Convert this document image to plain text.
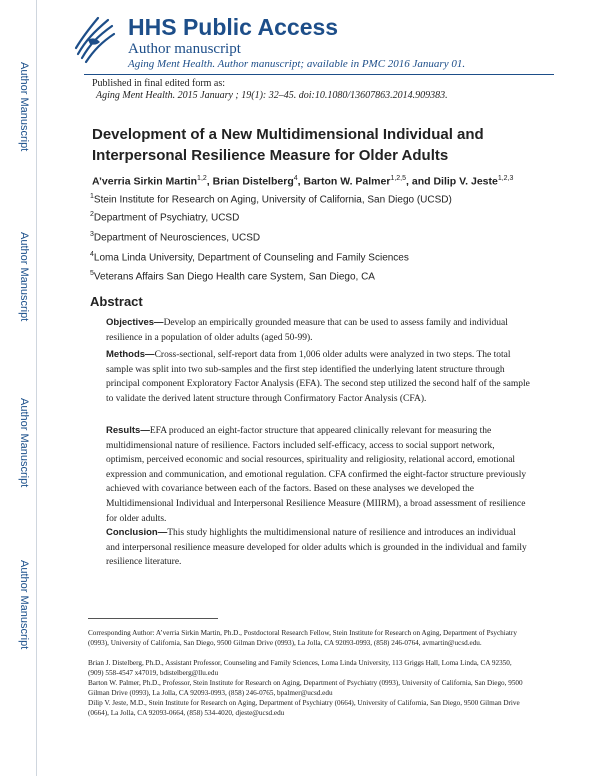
Author Manuscript
Author Manuscript
Author Manuscript
Author Manuscript
HHS Public Access
Author manuscript
Aging Ment Health. Author manuscript; available in PMC 2016 January 01.
Published in final edited form as:
Aging Ment Health. 2015 January ; 19(1): 32–45. doi:10.1080/13607863.2014.909383.
Development of a New Multidimensional Individual and Interpersonal Resilience Measure for Older Adults
A’verria Sirkin Martin$^{1,2}$, Brian Distelberg$^4$, Barton W. Palmer$^{1,2,5}$, and Dilip V. Jeste$^{1,2,3}$
$^1$Stein Institute for Research on Aging, University of California, San Diego (UCSD)
$^2$Department of Psychiatry, UCSD
$^3$Department of Neurosciences, UCSD
$^4$Loma Linda University, Department of Counseling and Family Sciences
$^5$Veterans Affairs San Diego Health care System, San Diego, CA
Abstract
Objectives—Develop an empirically grounded measure that can be used to assess family and individual resilience in a population of older adults (aged 50-99).
Methods—Cross-sectional, self-report data from 1,006 older adults were analyzed in two steps. The total sample was split into two sub-samples and the first step identified the underlying latent structure through principal component Exploratory Factor Analysis (EFA). The second step utilized the second half of the sample to validate the derived latent structure through Confirmatory Factor Analysis (CFA).
Results—EFA produced an eight-factor structure that appeared clinically relevant for measuring the multidimensional nature of resilience. Factors included self-efficacy, access to social support network, optimism, perceived economic and social resources, spirituality and religiosity, relational accord, emotional expression and communication, and emotional regulation. CFA confirmed the eight-factor structure previously achieved with covariance between each of the factors. Based on these analyses we developed the Multidimensional Individual and Interpersonal Resilience Measure (MIIRM), a broad assessment of resilience for older adults.
Conclusion—This study highlights the multidimensional nature of resilience and introduces an individual and interpersonal resilience measure developed for older adults which is grounded in the individual and family resilience literature.
Corresponding Author: A’verria Sirkin Martin, Ph.D., Postdoctoral Research Fellow, Stein Institute for Research on Aging, Department of Psychiatry (0993), University of California, San Diego, 9500 Gilman Drive (0993), La Jolla, CA 92093-0993, (858) 246-0764, avmartin@ucsd.edu.
Brian J. Distelberg, Ph.D., Assistant Professor, Counseling and Family Sciences, Loma Linda University, 113 Griggs Hall, Loma Linda, CA 92350, (909) 558-4547 x47019, bdistelberg@llu.edu
Barton W. Palmer, Ph.D., Professor, Stein Institute for Research on Aging, Department of Psychiatry (0993), University of California, San Diego, 9500 Gilman Drive (0993), La Jolla, CA 92093-0993, (858) 246-0765, bpalmer@ucsd.edu
Dilip V. Jeste, M.D., Stein Institute for Research on Aging, Department of Psychiatry (0664), University of California, San Diego, 9500 Gilman Drive (0664), La Jolla, CA 92093-0664, (858) 534-4020, djeste@ucsd.edu
